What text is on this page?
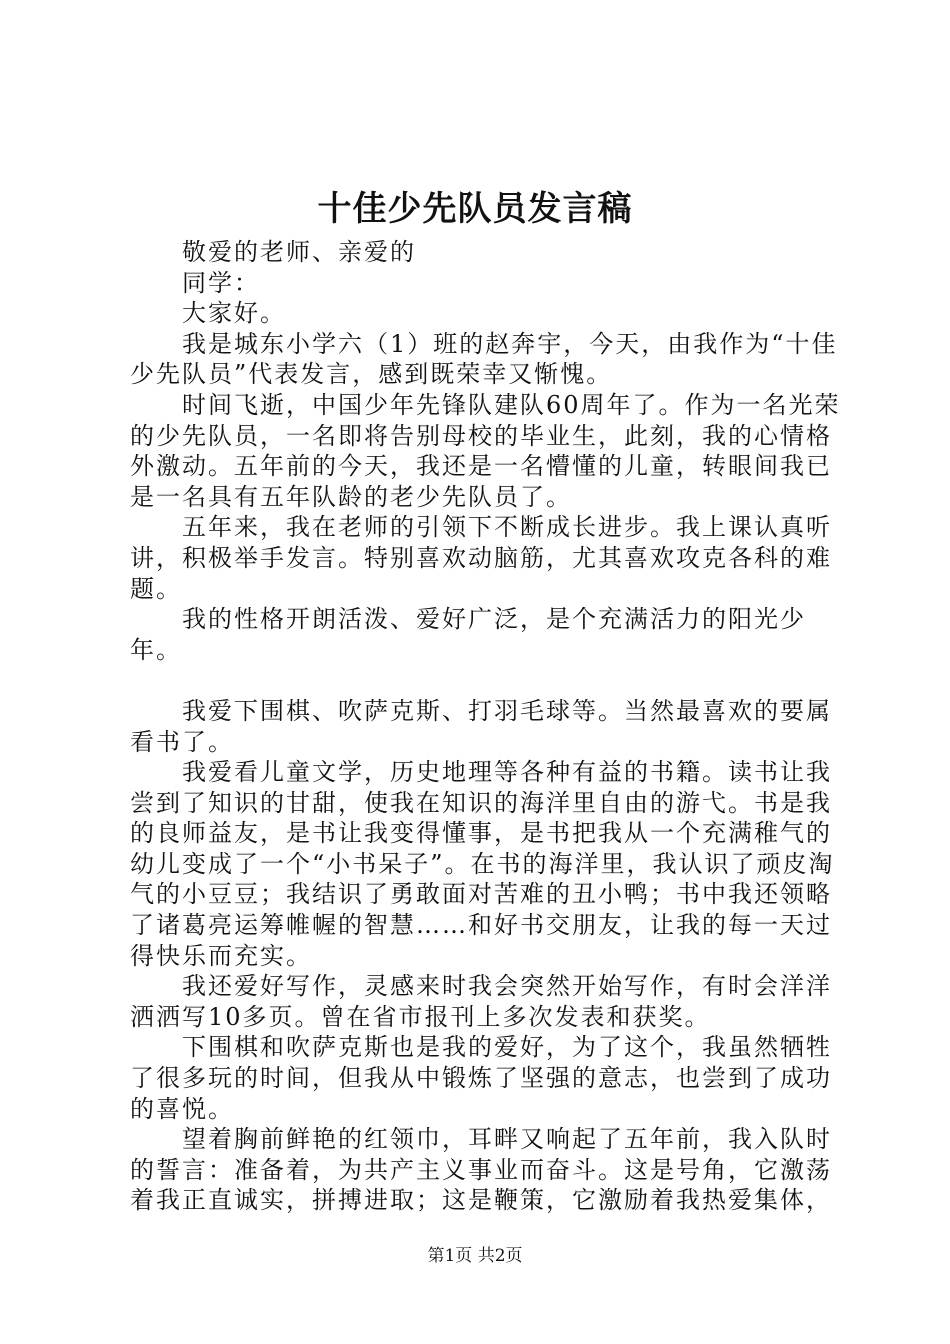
十佳少先队员发言稿

敬爱的老师、亲爱的

同学：

大家好。

我是城东小学六（1）班的赵奔宇，今天，由我作为“十佳少先队员”代表发言，感到既荣幸又惭愧。

时间飞逝，中国少年先锋队建队60周年了。作为一名光荣的少先队员，一名即将告别母校的毕业生，此刻，我的心情格外激动。五年前的今天，我还是一名懵懂的儿童，转眼间我已是一名具有五年队龄的老少先队员了。

五年来，我在老师的引领下不断成长进步。我上课认真听讲，积极举手发言。特别喜欢动脑筋，尤其喜欢攻克各科的难题。

我的性格开朗活泼、爱好广泛，是个充满活力的阳光少年。

我爱下围棋、吹萨克斯、打羽毛球等。当然最喜欢的要属看书了。

我爱看儿童文学，历史地理等各种有益的书籍。读书让我尝到了知识的甘甜，使我在知识的海洋里自由的游弋。书是我的良师益友，是书让我变得懂事，是书把我从一个充满稚气的幼儿变成了一个“小书呆子”。在书的海洋里，我认识了顽皮淘气的小豆豆；我结识了勇敢面对苦难的丑小鸭；书中我还领略了诸葛亮运筹帷幄的智慧……和好书交朋友，让我的每一天过得快乐而充实。

我还爱好写作，灵感来时我会突然开始写作，有时会洋洋洒洒写10多页。曾在省市报刊上多次发表和获奖。

下围棋和吹萨克斯也是我的爱好，为了这个，我虽然牺牲了很多玩的时间，但我从中锻炼了坚强的意志，也尝到了成功的喜悦。

望着胸前鲜艳的红领巾，耳畔又响起了五年前，我入队时的誓言：准备着，为共产主义事业而奋斗。这是号角，它激荡着我正直诚实，拼搏进取；这是鞭策，它激励着我热爱集体，

第1页 共2页
